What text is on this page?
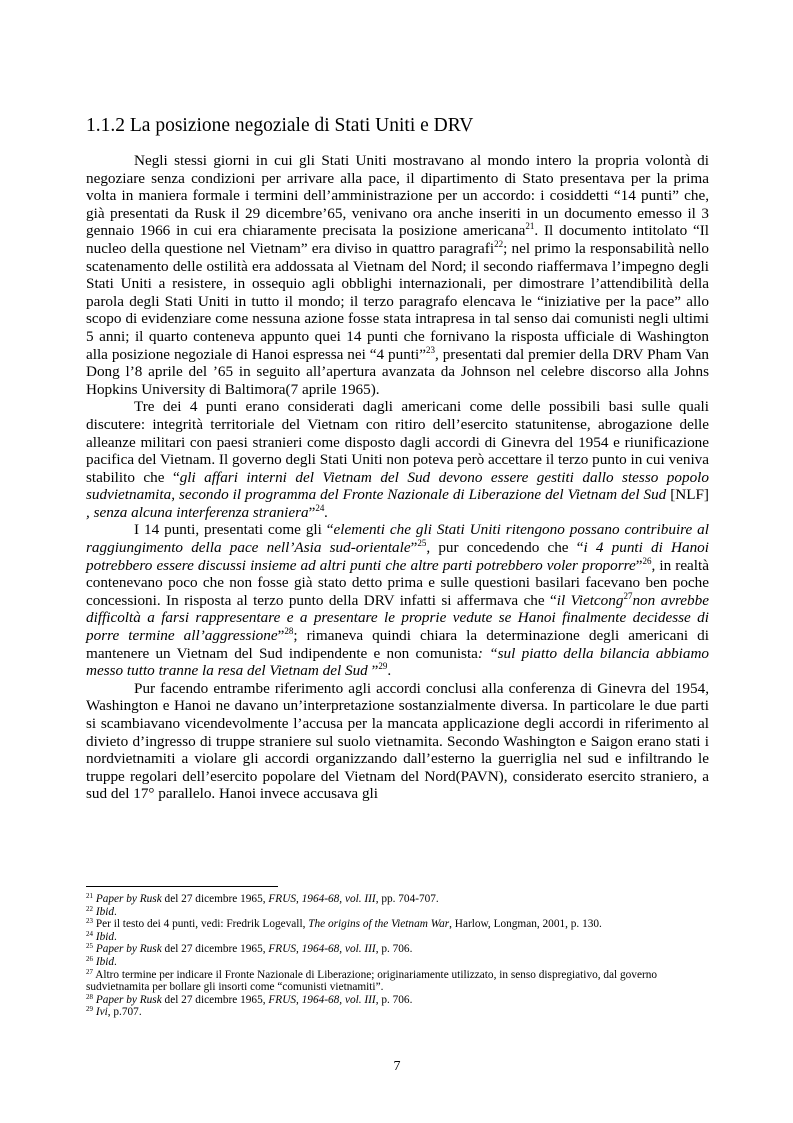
1.1.2 La posizione negoziale di Stati Uniti e DRV

Negli stessi giorni in cui gli Stati Uniti mostravano al mondo intero la propria volontà di negoziare senza condizioni per arrivare alla pace, il dipartimento di Stato presentava per la prima volta in maniera formale i termini dell’amministrazione per un accordo: i cosiddetti “14 punti” che, già presentati da Rusk il 29 dicembre’65, venivano ora anche inseriti in un documento emesso il 3 gennaio 1966 in cui era chiaramente precisata la posizione americana$^{21}$. Il documento intitolato “Il nucleo della questione nel Vietnam” era diviso in quattro paragrafi$^{22}$; nel primo la responsabilità nello scatenamento delle ostilità era addossata al Vietnam del Nord; il secondo riaffermava l’impegno degli Stati Uniti a resistere, in ossequio agli obblighi internazionali, per dimostrare l’attendibilità della parola degli Stati Uniti in tutto il mondo; il terzo paragrafo elencava le “iniziative per la pace” allo scopo di evidenziare come nessuna azione fosse stata intrapresa in tal senso dai comunisti negli ultimi 5 anni; il quarto conteneva appunto quei 14 punti che fornivano la risposta ufficiale di Washington alla posizione negoziale di Hanoi espressa nei “4 punti”$^{23}$, presentati dal premier della DRV Pham Van Dong l’8 aprile del ’65 in seguito all’apertura avanzata da Johnson nel celebre discorso alla Johns Hopkins University di Baltimora(7 aprile 1965).

Tre dei 4 punti erano considerati dagli americani come delle possibili basi sulle quali discutere: integrità territoriale del Vietnam con ritiro dell’esercito statunitense, abrogazione delle alleanze militari con paesi stranieri come disposto dagli accordi di Ginevra del 1954 e riunificazione pacifica del Vietnam. Il governo degli Stati Uniti non poteva però accettare il terzo punto in cui veniva stabilito che “gli affari interni del Vietnam del Sud devono essere gestiti dallo stesso popolo sudvietnamita, secondo il programma del Fronte Nazionale di Liberazione del Vietnam del Sud [NLF] , senza alcuna interferenza straniera”$^{24}$.

I 14 punti, presentati come gli “elementi che gli Stati Uniti ritengono possano contribuire al raggiungimento della pace nell’Asia sud-orientale”$^{25}$, pur concedendo che “i 4 punti di Hanoi potrebbero essere discussi insieme ad altri punti che altre parti potrebbero voler proporre”$^{26}$, in realtà contenevano poco che non fosse già stato detto prima e sulle questioni basilari facevano ben poche concessioni. In risposta al terzo punto della DRV infatti si affermava che “il Vietcong$^{27}$non avrebbe difficoltà a farsi rappresentare e a presentare le proprie vedute se Hanoi finalmente decidesse di porre termine all’aggressione”$^{28}$; rimaneva quindi chiara la determinazione degli americani di mantenere un Vietnam del Sud indipendente e non comunista: “sul piatto della bilancia abbiamo messo tutto tranne la resa del Vietnam del Sud ”$^{29}$.

Pur facendo entrambe riferimento agli accordi conclusi alla conferenza di Ginevra del 1954, Washington e Hanoi ne davano un’interpretazione sostanzialmente diversa. In particolare le due parti si scambiavano vicendevolmente l’accusa per la mancata applicazione degli accordi in riferimento al divieto d’ingresso di truppe straniere sul suolo vietnamita. Secondo Washington e Saigon erano stati i nordvietnamiti a violare gli accordi organizzando dall’esterno la guerriglia nel sud e infiltrando le truppe regolari dell’esercito popolare del Vietnam del Nord(PAVN), considerato esercito straniero, a sud del 17° parallelo. Hanoi invece accusava gli

$^{21}$ Paper by Rusk del 27 dicembre 1965, FRUS, 1964-68, vol. III, pp. 704-707.
$^{22}$ Ibid.
$^{23}$ Per il testo dei 4 punti, vedi: Fredrik Logevall, The origins of the Vietnam War, Harlow, Longman, 2001, p. 130.
$^{24}$ Ibid.
$^{25}$ Paper by Rusk del 27 dicembre 1965, FRUS, 1964-68, vol. III, p. 706.
$^{26}$ Ibid.
$^{27}$ Altro termine per indicare il Fronte Nazionale di Liberazione; originariamente utilizzato, in senso dispregiativo, dal governo sudvietnamita per bollare gli insorti come “comunisti vietnamiti”.
$^{28}$ Paper by Rusk del 27 dicembre 1965, FRUS, 1964-68, vol. III, p. 706.
$^{29}$ Ivi, p.707.
7
